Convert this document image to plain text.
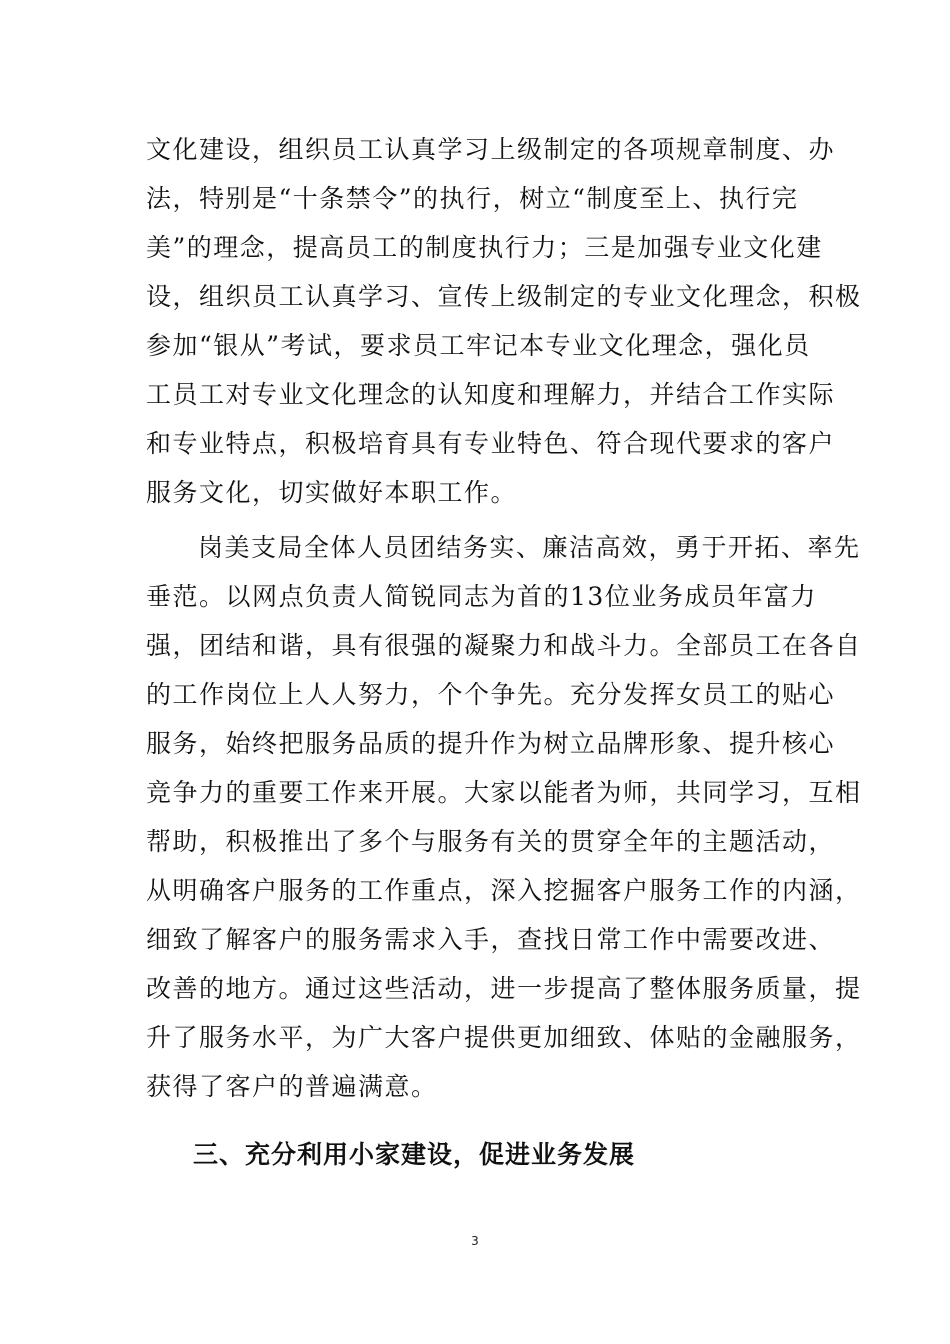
文化建设，组织员工认真学习上级制定的各项规章制度、办
法，特别是“十条禁令”的执行，树立“制度至上、执行完
美”的理念，提高员工的制度执行力；三是加强专业文化建
设，组织员工认真学习、宣传上级制定的专业文化理念，积极
参加“银从”考试，要求员工牢记本专业文化理念，强化员
工员工对专业文化理念的认知度和理解力，并结合工作实际
和专业特点，积极培育具有专业特色、符合现代要求的客户
服务文化，切实做好本职工作。
岗美支局全体人员团结务实、廉洁高效，勇于开拓、率先
垂范。以网点负责人简锐同志为首的13位业务成员年富力
强，团结和谐，具有很强的凝聚力和战斗力。全部员工在各自
的工作岗位上人人努力，个个争先。充分发挥女员工的贴心
服务，始终把服务品质的提升作为树立品牌形象、提升核心
竞争力的重要工作来开展。大家以能者为师，共同学习，互相
帮助，积极推出了多个与服务有关的贯穿全年的主题活动，
从明确客户服务的工作重点，深入挖掘客户服务工作的内涵，
细致了解客户的服务需求入手，查找日常工作中需要改进、
改善的地方。通过这些活动，进一步提高了整体服务质量，提
升了服务水平，为广大客户提供更加细致、体贴的金融服务，
获得了客户的普遍满意。
三、充分利用小家建设，促进业务发展
3
